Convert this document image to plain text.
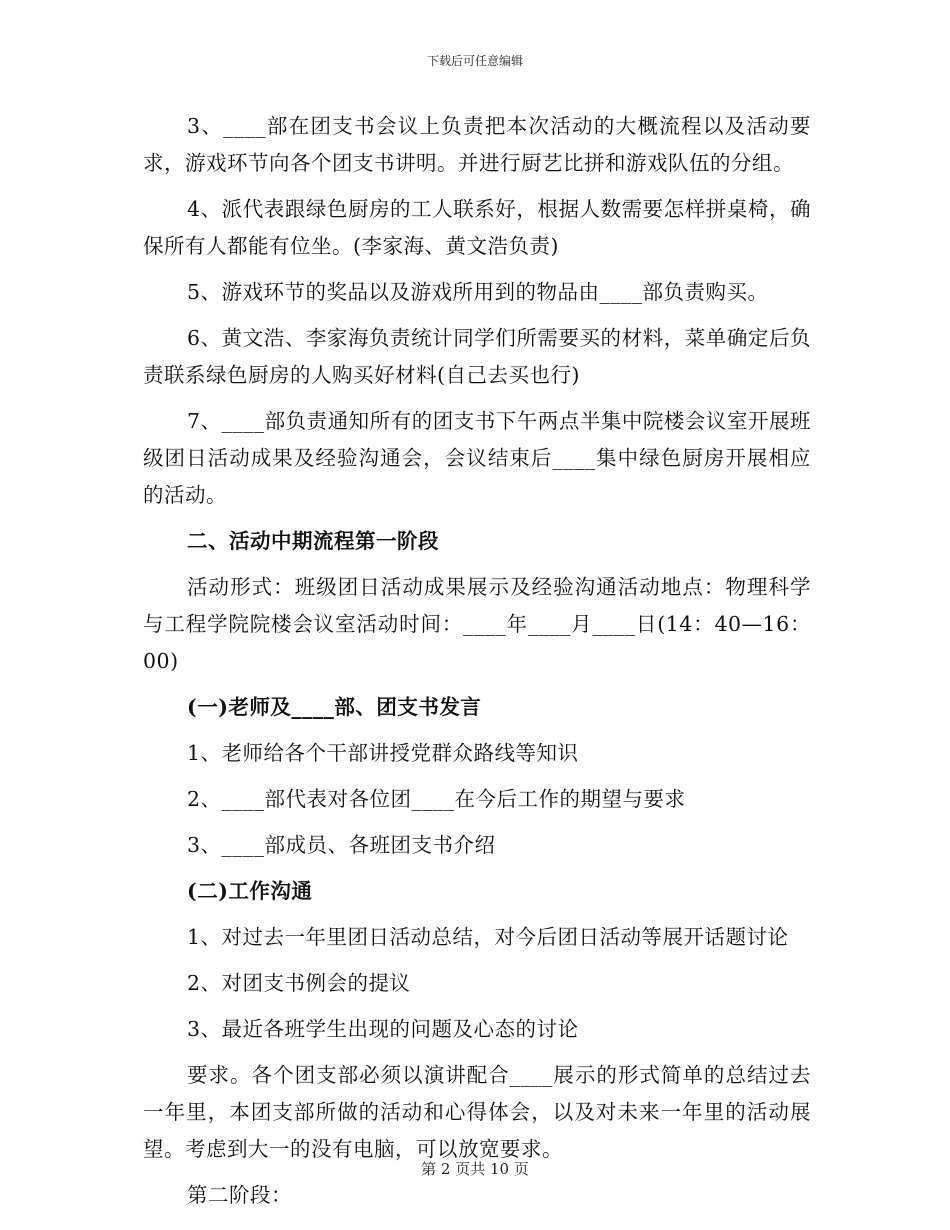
下载后可任意编辑

3、____部在团支书会议上负责把本次活动的大概流程以及活动要求，游戏环节向各个团支书讲明。并进行厨艺比拼和游戏队伍的分组。

4、派代表跟绿色厨房的工人联系好，根据人数需要怎样拼桌椅，确保所有人都能有位坐。(李家海、黄文浩负责)

5、游戏环节的奖品以及游戏所用到的物品由____部负责购买。

6、黄文浩、李家海负责统计同学们所需要买的材料，菜单确定后负责联系绿色厨房的人购买好材料(自己去买也行)

7、____部负责通知所有的团支书下午两点半集中院楼会议室开展班级团日活动成果及经验沟通会，会议结束后____集中绿色厨房开展相应的活动。

二、活动中期流程第一阶段

活动形式：班级团日活动成果展示及经验沟通活动地点：物理科学与工程学院院楼会议室活动时间：____年____月____日(14：40—16：00)

(一)老师及____部、团支书发言

1、老师给各个干部讲授党群众路线等知识

2、____部代表对各位团____在今后工作的期望与要求

3、____部成员、各班团支书介绍

(二)工作沟通

1、对过去一年里团日活动总结，对今后团日活动等展开话题讨论

2、对团支书例会的提议

3、最近各班学生出现的问题及心态的讨论

要求。各个团支部必须以演讲配合____展示的形式简单的总结过去一年里，本团支部所做的活动和心得体会，以及对未来一年里的活动展望。考虑到大一的没有电脑，可以放宽要求。

第二阶段：

第 2 页共 10 页
